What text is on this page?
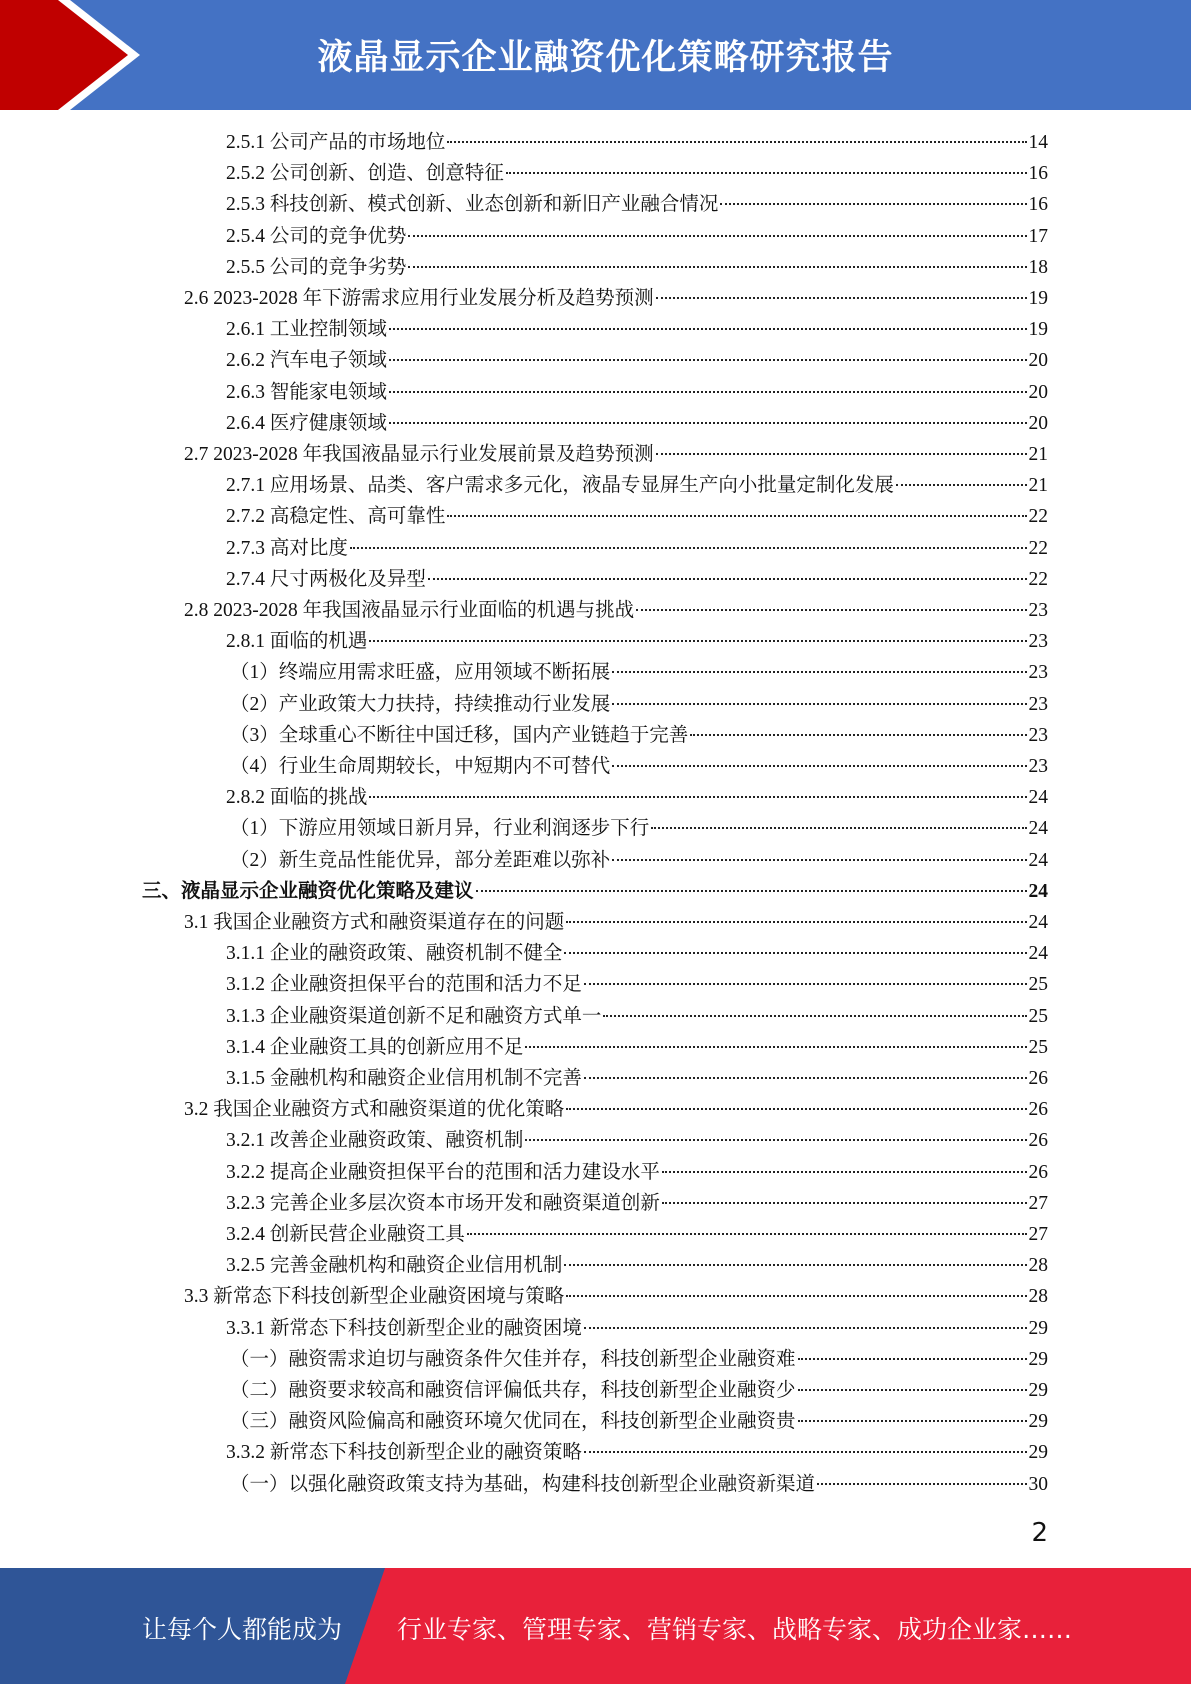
液晶显示企业融资优化策略研究报告
2.5.1 公司产品的市场地位	14
2.5.2 公司创新、创造、创意特征	16
2.5.3 科技创新、模式创新、业态创新和新旧产业融合情况	16
2.5.4 公司的竞争优势	17
2.5.5 公司的竞争劣势	18
2.6 2023-2028 年下游需求应用行业发展分析及趋势预测	19
2.6.1 工业控制领域	19
2.6.2 汽车电子领域	20
2.6.3 智能家电领域	20
2.6.4 医疗健康领域	20
2.7 2023-2028 年我国液晶显示行业发展前景及趋势预测	21
2.7.1 应用场景、品类、客户需求多元化，液晶专显屏生产向小批量定制化发展	21
2.7.2 高稳定性、高可靠性	22
2.7.3 高对比度	22
2.7.4 尺寸两极化及异型	22
2.8 2023-2028 年我国液晶显示行业面临的机遇与挑战	23
2.8.1 面临的机遇	23
（1）终端应用需求旺盛，应用领域不断拓展	23
（2）产业政策大力扶持，持续推动行业发展	23
（3）全球重心不断往中国迁移，国内产业链趋于完善	23
（4）行业生命周期较长，中短期内不可替代	23
2.8.2 面临的挑战	24
（1）下游应用领域日新月异，行业利润逐步下行	24
（2）新生竞品性能优异，部分差距难以弥补	24
三、液晶显示企业融资优化策略及建议	24
3.1 我国企业融资方式和融资渠道存在的问题	24
3.1.1 企业的融资政策、融资机制不健全	24
3.1.2 企业融资担保平台的范围和活力不足	25
3.1.3 企业融资渠道创新不足和融资方式单一	25
3.1.4 企业融资工具的创新应用不足	25
3.1.5 金融机构和融资企业信用机制不完善	26
3.2 我国企业融资方式和融资渠道的优化策略	26
3.2.1 改善企业融资政策、融资机制	26
3.2.2 提高企业融资担保平台的范围和活力建设水平	26
3.2.3 完善企业多层次资本市场开发和融资渠道创新	27
3.2.4 创新民营企业融资工具	27
3.2.5 完善金融机构和融资企业信用机制	28
3.3 新常态下科技创新型企业融资困境与策略	28
3.3.1 新常态下科技创新型企业的融资困境	29
（一）融资需求迫切与融资条件欠佳并存，科技创新型企业融资难	29
（二）融资要求较高和融资信评偏低共存，科技创新型企业融资少	29
（三）融资风险偏高和融资环境欠优同在，科技创新型企业融资贵	29
3.3.2 新常态下科技创新型企业的融资策略	29
（一）以强化融资政策支持为基础，构建科技创新型企业融资新渠道	30
2
让每个人都能成为 行业专家、管理专家、营销专家、战略专家、成功企业家……
